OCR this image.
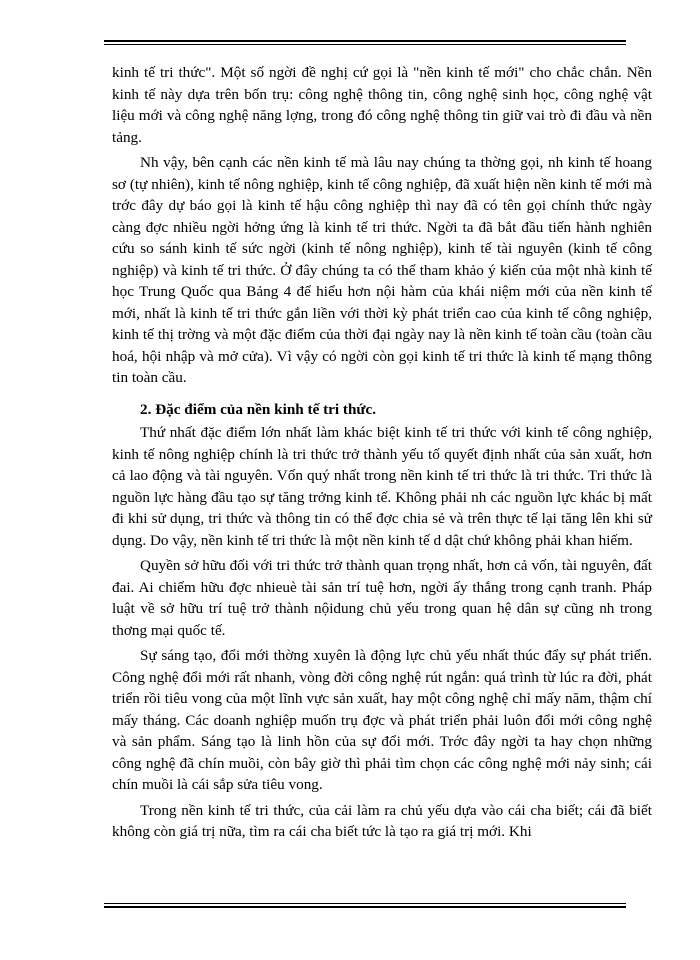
kinh tế tri thức". Một số ngời đề nghị cứ gọi là "nền kinh tế mới" cho chắc chắn. Nền kinh tế này dựa trên bốn trụ: công nghệ thông tin, công nghệ sinh học, công nghệ vật liệu mới và công nghệ năng lợng, trong đó công nghệ thông tin giữ vai trò đi đầu và nền tảng.

Nh vậy, bên cạnh các nền kinh tế mà lâu nay chúng ta thờng gọi, nh kinh tế hoang sơ (tự nhiên), kinh tế nông nghiệp, kinh tế công nghiệp, đã xuất hiện nền kinh tế mới mà trớc đây dự báo gọi là kinh tế hậu công nghiệp thì nay đã có tên gọi chính thức ngày càng đợc nhiều ngời hởng ứng là kinh tế tri thức. Ngời ta đã bắt đầu tiến hành nghiên cứu so sánh kinh tế sức ngời (kinh tế nông nghiệp), kinh tế tài nguyên (kinh tế công nghiệp) và kinh tế tri thức. Ở đây chúng ta có thể tham khảo ý kiến của một nhà kinh tế học Trung Quốc qua Bảng 4 để hiểu hơn nội hàm của khái niệm mới của nền kinh tế mới, nhất là kinh tế tri thức gắn liền với thời kỳ phát triển cao của kinh tế công nghiệp, kinh tế thị trờng và một đặc điểm của thời đại ngày nay là nền kinh tế toàn cầu (toàn cầu hoá, hội nhập và mở cửa). Vì vậy có ngời còn gọi kinh tế tri thức là kinh tế mạng thông tin toàn cầu.

2. Đặc điểm của nền kinh tế tri thức.

Thứ nhất đặc điểm lớn nhất làm khác biệt kinh tế tri thức với kinh tế công nghiệp, kinh tế nông nghiệp chính là tri thức trở thành yếu tố quyết định nhất của sản xuất, hơn cả lao động và tài nguyên. Vốn quý nhất trong nền kinh tế tri thức là tri thức. Tri thức là nguồn lực hàng đầu tạo sự tăng trởng kinh tế. Không phải nh các nguồn lực khác bị mất đi khi sử dụng, tri thức và thông tin có thể đợc chia sẻ và trên thực tế lại tăng lên khi sử dụng. Do vậy, nền kinh tế tri thức là một nền kinh tế d dật chứ không phải khan hiếm.

Quyền sở hữu đối với tri thức trở thành quan trọng nhất, hơn cả vốn, tài nguyên, đất đai. Ai chiếm hữu đợc nhieuè tài sản trí tuệ hơn, ngời ấy thắng trong cạnh tranh. Pháp luật về sở hữu trí tuệ trở thành nộidung chủ yếu trong quan hệ dân sự cũng nh trong thơng mại quốc tế.

Sự sáng tạo, đổi mới thờng xuyên là động lực chủ yếu nhất thúc đẩy sự phát triển. Công nghệ đổi mới rất nhanh, vòng đời công nghệ rút ngắn: quá trình từ lúc ra đời, phát triển rồi tiêu vong của một lĩnh vực sản xuất, hay một công nghệ chỉ mấy năm, thậm chí mấy tháng. Các doanh nghiệp muốn trụ đợc và phát triển phải luôn đổi mới công nghệ và sản phẩm. Sáng tạo là linh hồn của sự đổi mới. Trớc đây ngời ta hay chọn những công nghệ đã chín muồi, còn bây giờ thì phải tìm chọn các công nghệ mới nảy sinh; cái chín muồi là cái sắp sửa tiêu vong.

Trong nền kinh tế tri thức, của cải làm ra chủ yếu dựa vào cái cha biết; cái đã biết không còn giá trị nữa, tìm ra cái cha biết tức là tạo ra giá trị mới. Khi
